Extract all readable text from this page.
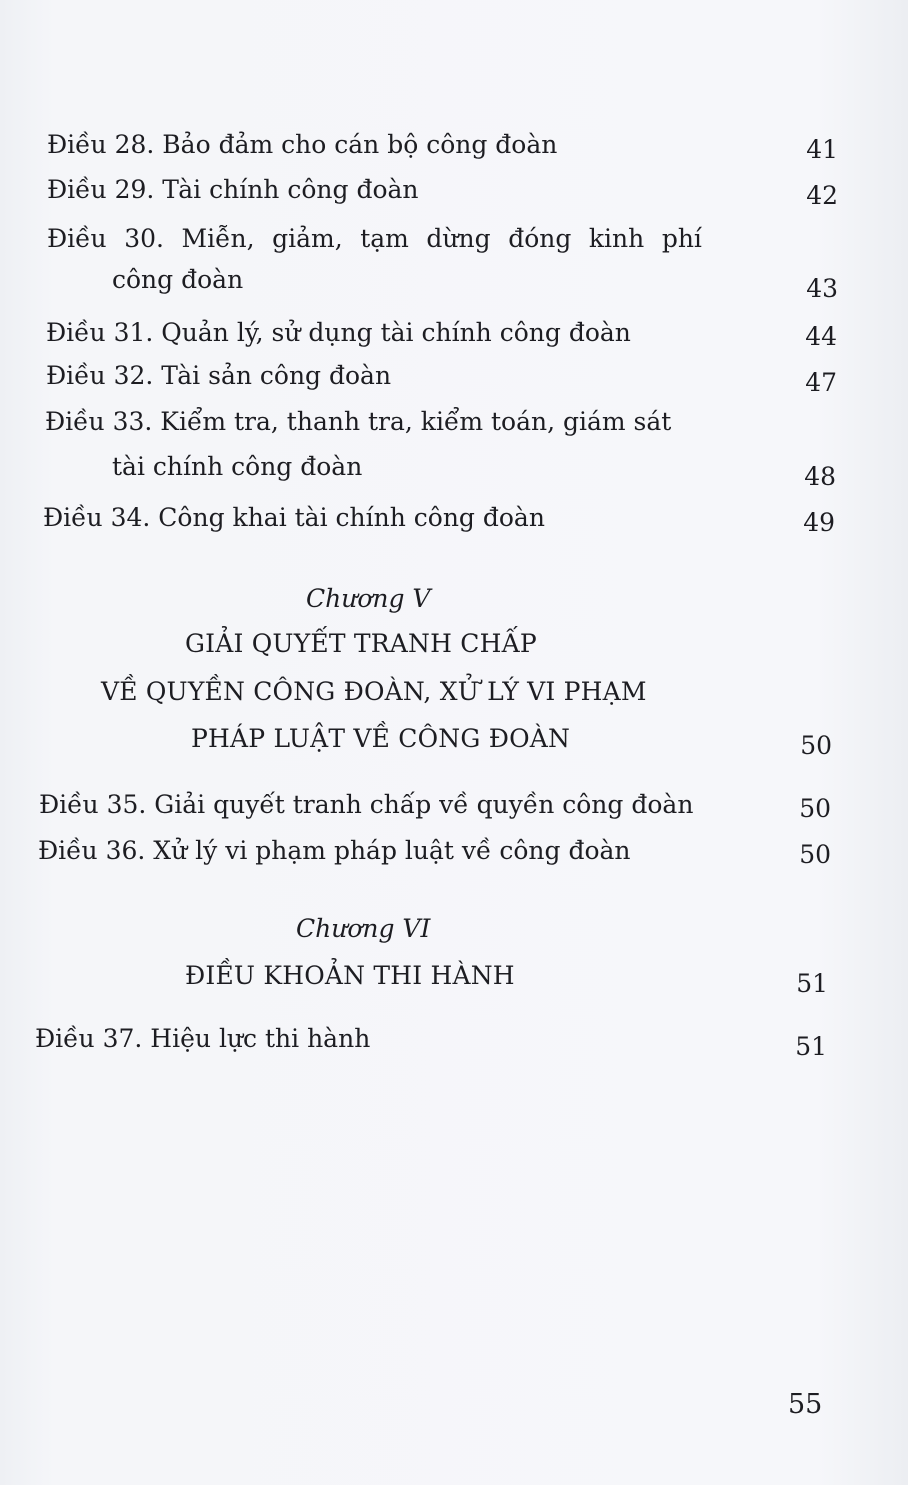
Điều 28. Bảo đảm cho cán bộ công đoàn	41
Điều 29. Tài chính công đoàn	42
Điều 30. Miễn, giảm, tạm dừng đóng kinh phí
công đoàn	43
Điều 31. Quản lý, sử dụng tài chính công đoàn	44
Điều 32. Tài sản công đoàn	47
Điều 33. Kiểm tra, thanh tra, kiểm toán, giám sát
tài chính công đoàn	48
Điều 34. Công khai tài chính công đoàn	49
Chương V
GIẢI QUYẾT TRANH CHẤP
VỀ QUYỀN CÔNG ĐOÀN, XỬ LÝ VI PHẠM
PHÁP LUẬT VỀ CÔNG ĐOÀN	50
Điều 35. Giải quyết tranh chấp về quyền công đoàn	50
Điều 36. Xử lý vi phạm pháp luật về công đoàn	50
Chương VI
ĐIỀU KHOẢN THI HÀNH	51
Điều 37. Hiệu lực thi hành	51
55
